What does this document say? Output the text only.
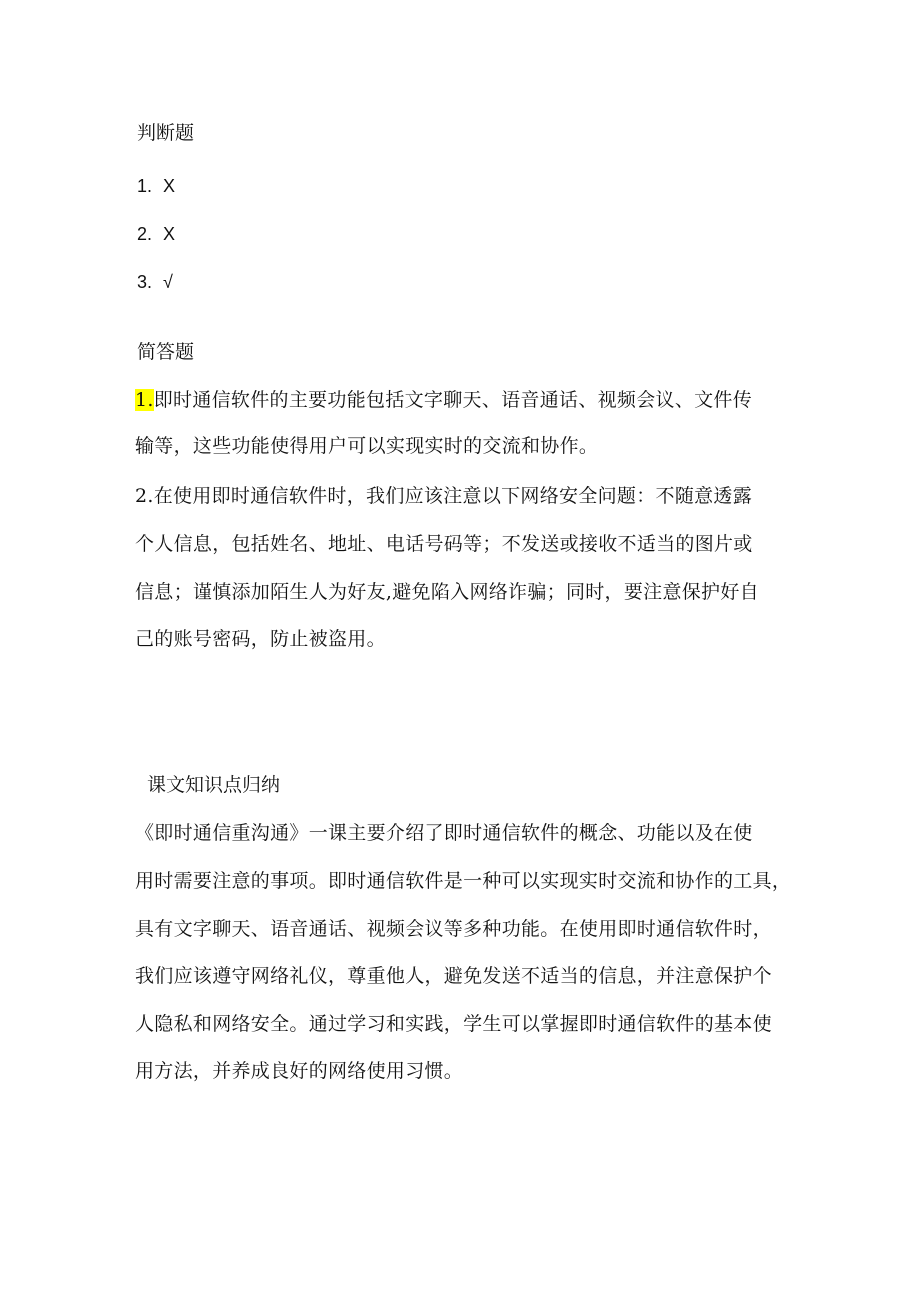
判断题
1. X
2. X
3. √
简答题
1.即时通信软件的主要功能包括文字聊天、语音通话、视频会议、文件传
输等，这些功能使得用户可以实现实时的交流和协作。
2.在使用即时通信软件时，我们应该注意以下网络安全问题：不随意透露
个人信息，包括姓名、地址、电话号码等；不发送或接收不适当的图片或
信息；谨慎添加陌生人为好友,避免陷入网络诈骗；同时，要注意保护好自
己的账号密码，防止被盗用。
课文知识点归纳
《即时通信重沟通》一课主要介绍了即时通信软件的概念、功能以及在使
用时需要注意的事项。即时通信软件是一种可以实现实时交流和协作的工具，
具有文字聊天、语音通话、视频会议等多种功能。在使用即时通信软件时，
我们应该遵守网络礼仪，尊重他人，避免发送不适当的信息，并注意保护个
人隐私和网络安全。通过学习和实践，学生可以掌握即时通信软件的基本使
用方法，并养成良好的网络使用习惯。
